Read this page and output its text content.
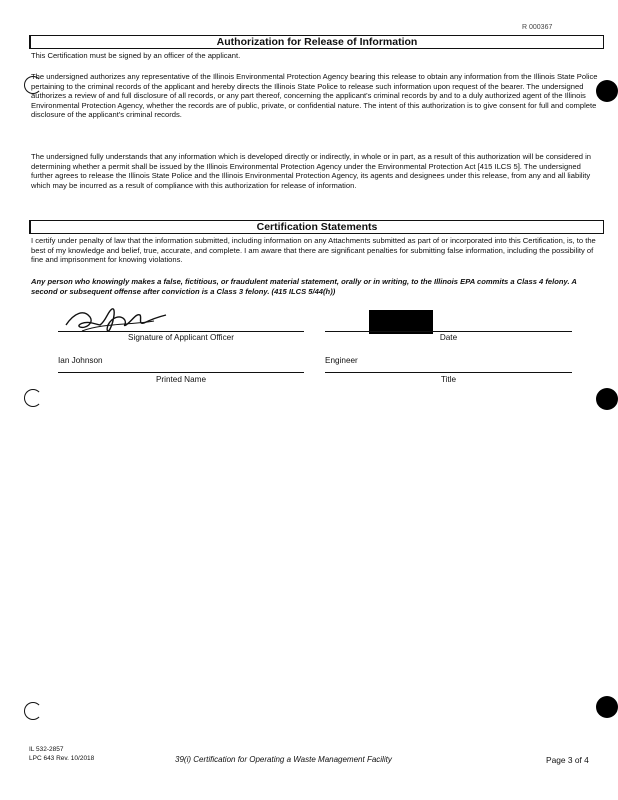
R 000367
Authorization for Release of Information

This Certification must be signed by an officer of the applicant.

The undersigned authorizes any representative of the Illinois Environmental Protection Agency bearing this release to obtain any information from the Illinois State Police pertaining to the criminal records of the applicant and hereby directs the Illinois State Police to release such information upon request of the bearer. The undersigned authorizes a review of and full disclosure of all records, or any part thereof, concerning the applicant's criminal records by and to a duly authorized agent of the Illinois Environmental Protection Agency, whether the records are of public, private, or confidential nature. The intent of this authorization is to give consent for full and complete disclosure of the applicant's criminal records.

The undersigned fully understands that any information which is developed directly or indirectly, in whole or in part, as a result of this authorization will be considered in determining whether a permit shall be issued by the Illinois Environmental Protection Agency under the Environmental Protection Act [415 ILCS 5]. The undersigned further agrees to release the Illinois State Police and the Illinois Environmental Protection Agency, its agents and designees under this release, from any and all liability which may be incurred as a result of compliance with this authorization for release of information.

Certification Statements

I certify under penalty of law that the information submitted, including information on any Attachments submitted as part of or incorporated into this Certification, is, to the best of my knowledge and belief, true, accurate, and complete. I am aware that there are significant penalties for submitting false information, including the possibility of fine and imprisonment for knowing violations.

Any person who knowingly makes a false, fictitious, or fraudulent material statement, orally or in writing, to the Illinois EPA commits a Class 4 felony. A second or subsequent offense after conviction is a Class 3 felony. (415 ILCS 5/44(h))

Signature of Applicant Officer	Date
Ian Johnson
Printed Name
Engineer
Title
IL 532-2857
LPC 643 Rev. 10/2018	39(i) Certification for Operating a Waste Management Facility	Page 3 of 4
